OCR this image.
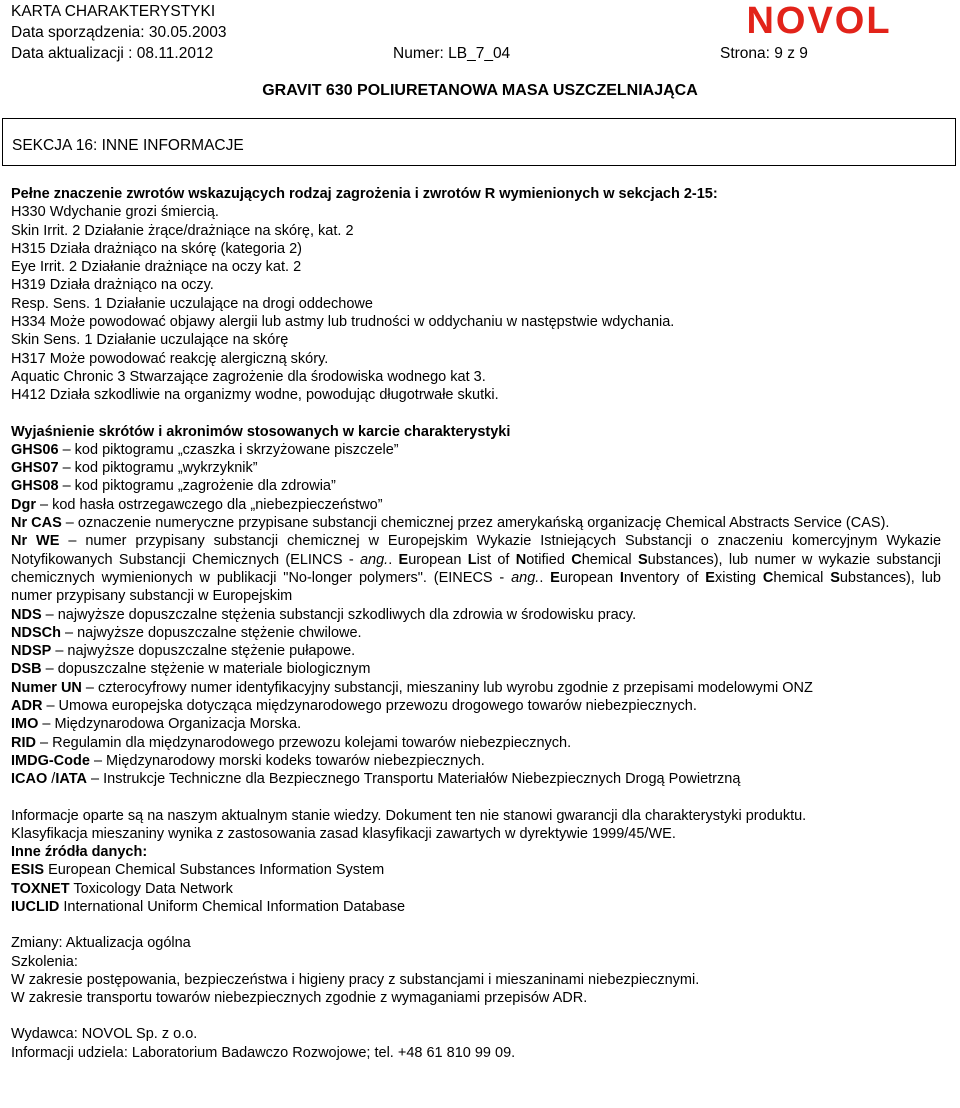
KARTA CHARAKTERYSTYKI
Data sporządzenia: 30.05.2003
Data aktualizacji : 08.11.2012	Numer: LB_7_04	Strona: 9 z 9
NOVOL
GRAVIT 630 POLIURETANOWA MASA USZCZELNIAJĄCA
SEKCJA 16: INNE INFORMACJE
Pełne znaczenie zwrotów wskazujących rodzaj zagrożenia i zwrotów R wymienionych w sekcjach 2-15:
H330 Wdychanie grozi śmiercią.
Skin Irrit. 2 Działanie żrące/drażniące na skórę, kat. 2
H315 Działa drażniąco na skórę (kategoria 2)
Eye Irrit. 2 Działanie drażniące na oczy kat. 2
H319 Działa drażniąco na oczy.
Resp. Sens. 1 Działanie uczulające na drogi oddechowe
H334 Może powodować objawy alergii lub astmy lub trudności w oddychaniu w następstwie wdychania.
Skin Sens. 1 Działanie uczulające na skórę
H317 Może powodować reakcję alergiczną skóry.
Aquatic Chronic 3 Stwarzające zagrożenie dla środowiska wodnego kat 3.
H412 Działa szkodliwie na organizmy wodne, powodując długotrwałe skutki.
Wyjaśnienie skrótów i akronimów stosowanych w karcie charakterystyki
GHS06 – kod piktogramu „czaszka i skrzyżowane piszczele”
GHS07 – kod piktogramu „wykrzyknik”
GHS08 – kod piktogramu „zagrożenie dla zdrowia”
Dgr – kod hasła ostrzegawczego dla „niebezpieczeństwo”
Nr CAS – oznaczenie numeryczne przypisane substancji chemicznej przez amerykańską organizację Chemical Abstracts Service (CAS).
Nr WE – numer przypisany substancji chemicznej w Europejskim Wykazie Istniejących Substancji o znaczeniu komercyjnym Wykazie Notyfikowanych Substancji Chemicznych (ELINCS - ang.. European List of Notified Chemical Substances), lub numer w wykazie substancji chemicznych wymienionych w publikacji "No-longer polymers". (EINECS - ang.. European Inventory of Existing Chemical Substances), lub numer przypisany substancji w Europejskim
NDS – najwyższe dopuszczalne stężenia substancji szkodliwych dla zdrowia w środowisku pracy.
NDSCh – najwyższe dopuszczalne stężenie chwilowe.
NDSP – najwyższe dopuszczalne stężenie pułapowe.
DSB – dopuszczalne stężenie w materiale biologicznym
Numer UN – czterocyfrowy numer identyfikacyjny substancji, mieszaniny lub wyrobu zgodnie z przepisami modelowymi ONZ
ADR – Umowa europejska dotycząca międzynarodowego przewozu drogowego towarów niebezpiecznych.
IMO – Międzynarodowa Organizacja Morska.
RID – Regulamin dla międzynarodowego przewozu kolejami towarów niebezpiecznych.
IMDG-Code – Międzynarodowy morski kodeks towarów niebezpiecznych.
ICAO /IATA – Instrukcje Techniczne dla Bezpiecznego Transportu Materiałów Niebezpiecznych Drogą Powietrzną
Informacje oparte są na naszym aktualnym stanie wiedzy. Dokument ten nie stanowi gwarancji dla charakterystyki produktu.
Klasyfikacja mieszaniny wynika z zastosowania zasad klasyfikacji zawartych w dyrektywie 1999/45/WE.
Inne źródła danych:
ESIS European Chemical Substances Information System
TOXNET Toxicology Data Network
IUCLID International Uniform Chemical Information Database
Zmiany: Aktualizacja ogólna
Szkolenia:
W zakresie postępowania, bezpieczeństwa i higieny pracy z substancjami i mieszaninami niebezpiecznymi.
W zakresie transportu towarów niebezpiecznych zgodnie z wymaganiami przepisów ADR.
Wydawca: NOVOL Sp. z o.o.
Informacji udziela: Laboratorium Badawczo Rozwojowe; tel. +48 61 810 99 09.
